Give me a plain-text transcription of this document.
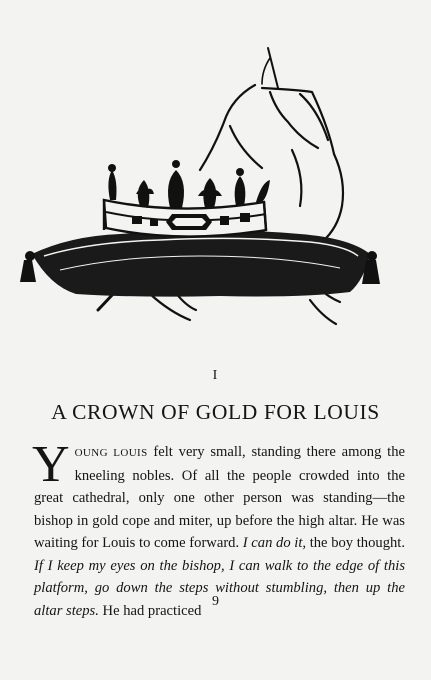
I
A CROWN OF GOLD FOR LOUIS

YOUNG LOUIS felt very small, standing there among the kneeling nobles. Of all the people crowded into the great cathedral, only one other person was standing—the bishop in gold cope and miter, up before the high altar. He was waiting for Louis to come forward. I can do it, the boy thought. If I keep my eyes on the bishop, I can walk to the edge of this platform, go down the steps without stumbling, then up the altar steps. He had practiced

9
